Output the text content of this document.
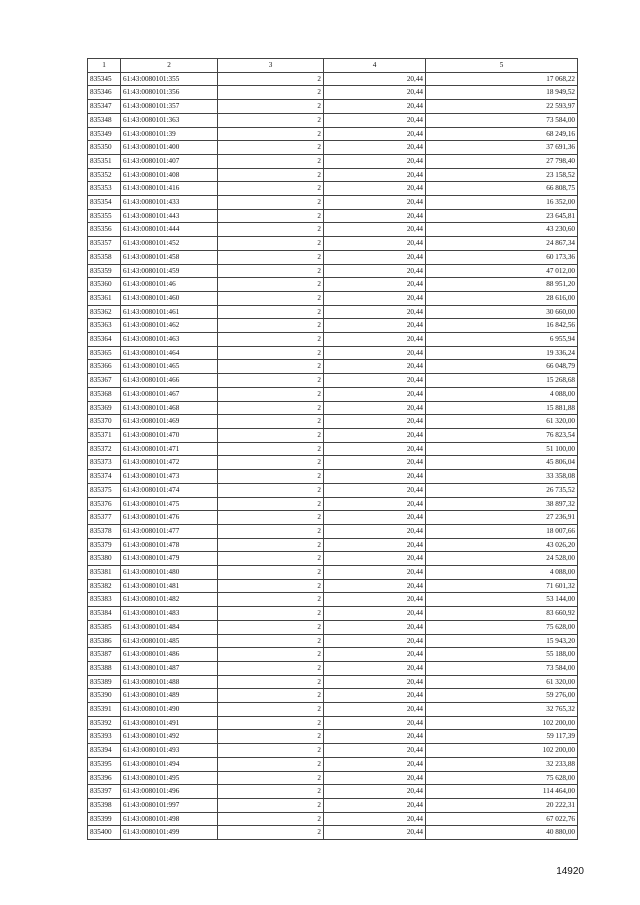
1	2	3	4	5
835345	61:43:0080101:355	2	20,44	17 068,22
835346	61:43:0080101:356	2	20,44	18 949,52
835347	61:43:0080101:357	2	20,44	22 593,97
835348	61:43:0080101:363	2	20,44	73 584,00
835349	61:43:0080101:39	2	20,44	68 249,16
835350	61:43:0080101:400	2	20,44	37 691,36
835351	61:43:0080101:407	2	20,44	27 798,40
835352	61:43:0080101:408	2	20,44	23 158,52
835353	61:43:0080101:416	2	20,44	66 808,75
835354	61:43:0080101:433	2	20,44	16 352,00
835355	61:43:0080101:443	2	20,44	23 645,81
835356	61:43:0080101:444	2	20,44	43 230,60
835357	61:43:0080101:452	2	20,44	24 867,34
835358	61:43:0080101:458	2	20,44	60 173,36
835359	61:43:0080101:459	2	20,44	47 012,00
835360	61:43:0080101:46	2	20,44	88 951,20
835361	61:43:0080101:460	2	20,44	28 616,00
835362	61:43:0080101:461	2	20,44	30 660,00
835363	61:43:0080101:462	2	20,44	16 842,56
835364	61:43:0080101:463	2	20,44	6 955,94
835365	61:43:0080101:464	2	20,44	19 336,24
835366	61:43:0080101:465	2	20,44	66 048,79
835367	61:43:0080101:466	2	20,44	15 268,68
835368	61:43:0080101:467	2	20,44	4 088,00
835369	61:43:0080101:468	2	20,44	15 881,88
835370	61:43:0080101:469	2	20,44	61 320,00
835371	61:43:0080101:470	2	20,44	76 823,54
835372	61:43:0080101:471	2	20,44	51 100,00
835373	61:43:0080101:472	2	20,44	45 806,04
835374	61:43:0080101:473	2	20,44	33 358,08
835375	61:43:0080101:474	2	20,44	26 735,52
835376	61:43:0080101:475	2	20,44	38 897,32
835377	61:43:0080101:476	2	20,44	27 236,91
835378	61:43:0080101:477	2	20,44	18 007,66
835379	61:43:0080101:478	2	20,44	43 026,20
835380	61:43:0080101:479	2	20,44	24 528,00
835381	61:43:0080101:480	2	20,44	4 088,00
835382	61:43:0080101:481	2	20,44	71 601,32
835383	61:43:0080101:482	2	20,44	53 144,00
835384	61:43:0080101:483	2	20,44	83 660,92
835385	61:43:0080101:484	2	20,44	75 628,00
835386	61:43:0080101:485	2	20,44	15 943,20
835387	61:43:0080101:486	2	20,44	55 188,00
835388	61:43:0080101:487	2	20,44	73 584,00
835389	61:43:0080101:488	2	20,44	61 320,00
835390	61:43:0080101:489	2	20,44	59 276,00
835391	61:43:0080101:490	2	20,44	32 765,32
835392	61:43:0080101:491	2	20,44	102 200,00
835393	61:43:0080101:492	2	20,44	59 117,39
835394	61:43:0080101:493	2	20,44	102 200,00
835395	61:43:0080101:494	2	20,44	32 233,88
835396	61:43:0080101:495	2	20,44	75 628,00
835397	61:43:0080101:496	2	20,44	114 464,00
835398	61:43:0080101:997	2	20,44	20 222,31
835399	61:43:0080101:498	2	20,44	67 022,76
835400	61:43:0080101:499	2	20,44	40 880,00
14920
